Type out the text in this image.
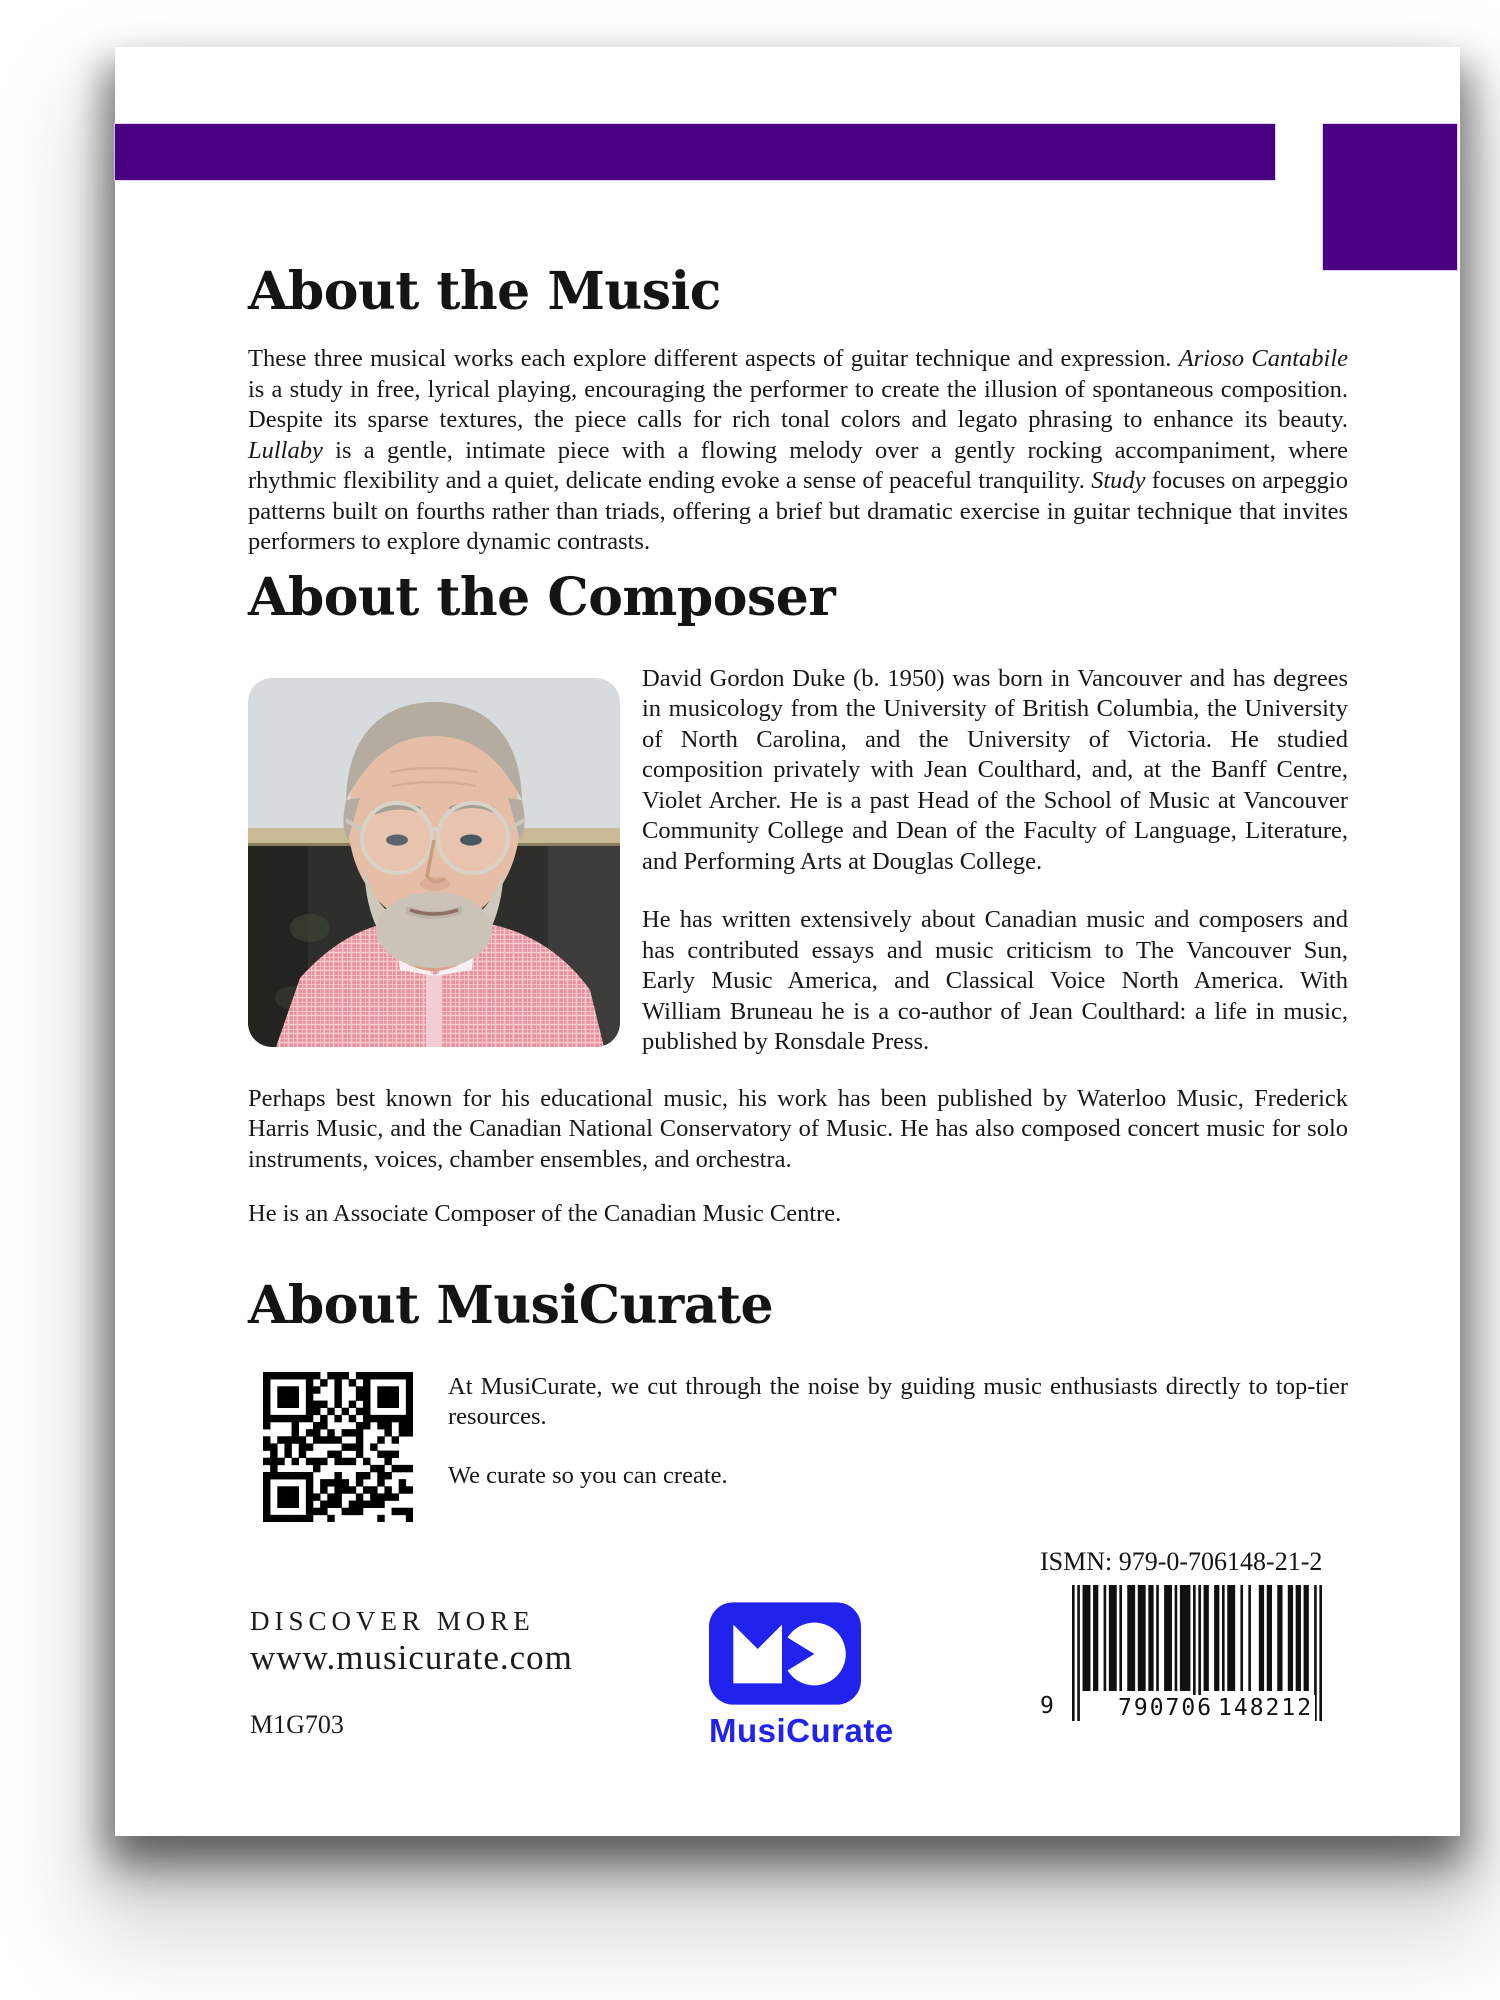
About the Music

These three musical works each explore different aspects of guitar technique and expression. Arioso Cantabile is a study in free, lyrical playing, encouraging the performer to create the illusion of spontaneous composition. Despite its sparse textures, the piece calls for rich tonal colors and legato phrasing to enhance its beauty. Lullaby is a gentle, intimate piece with a flowing melody over a gently rocking accompaniment, where rhythmic flexibility and a quiet, delicate ending evoke a sense of peaceful tranquility. Study focuses on arpeggio patterns built on fourths rather than triads, offering a brief but dramatic exercise in guitar technique that invites performers to explore dynamic contrasts.

About the Composer

David Gordon Duke (b. 1950) was born in Vancouver and has degrees in musicology from the University of British Columbia, the University of North Carolina, and the University of Victoria. He studied composition privately with Jean Coulthard, and, at the Banff Centre, Violet Archer. He is a past Head of the School of Music at Vancouver Community College and Dean of the Faculty of Language, Literature, and Performing Arts at Douglas College.

He has written extensively about Canadian music and composers and has contributed essays and music criticism to The Vancouver Sun, Early Music America, and Classical Voice North America. With William Bruneau he is a co-author of Jean Coulthard: a life in music, published by Ronsdale Press.

Perhaps best known for his educational music, his work has been published by Waterloo Music, Frederick Harris Music, and the Canadian National Conservatory of Music. He has also composed concert music for solo instruments, voices, chamber ensembles, and orchestra.

He is an Associate Composer of the Canadian Music Centre.

About MusiCurate

At MusiCurate, we cut through the noise by guiding music enthusiasts directly to top-tier resources.

We curate so you can create.

DISCOVER MORE
www.musicurate.com
M1G703	MusiCurate
ISMN: 979-0-706148-21-2
9	790706 148212
